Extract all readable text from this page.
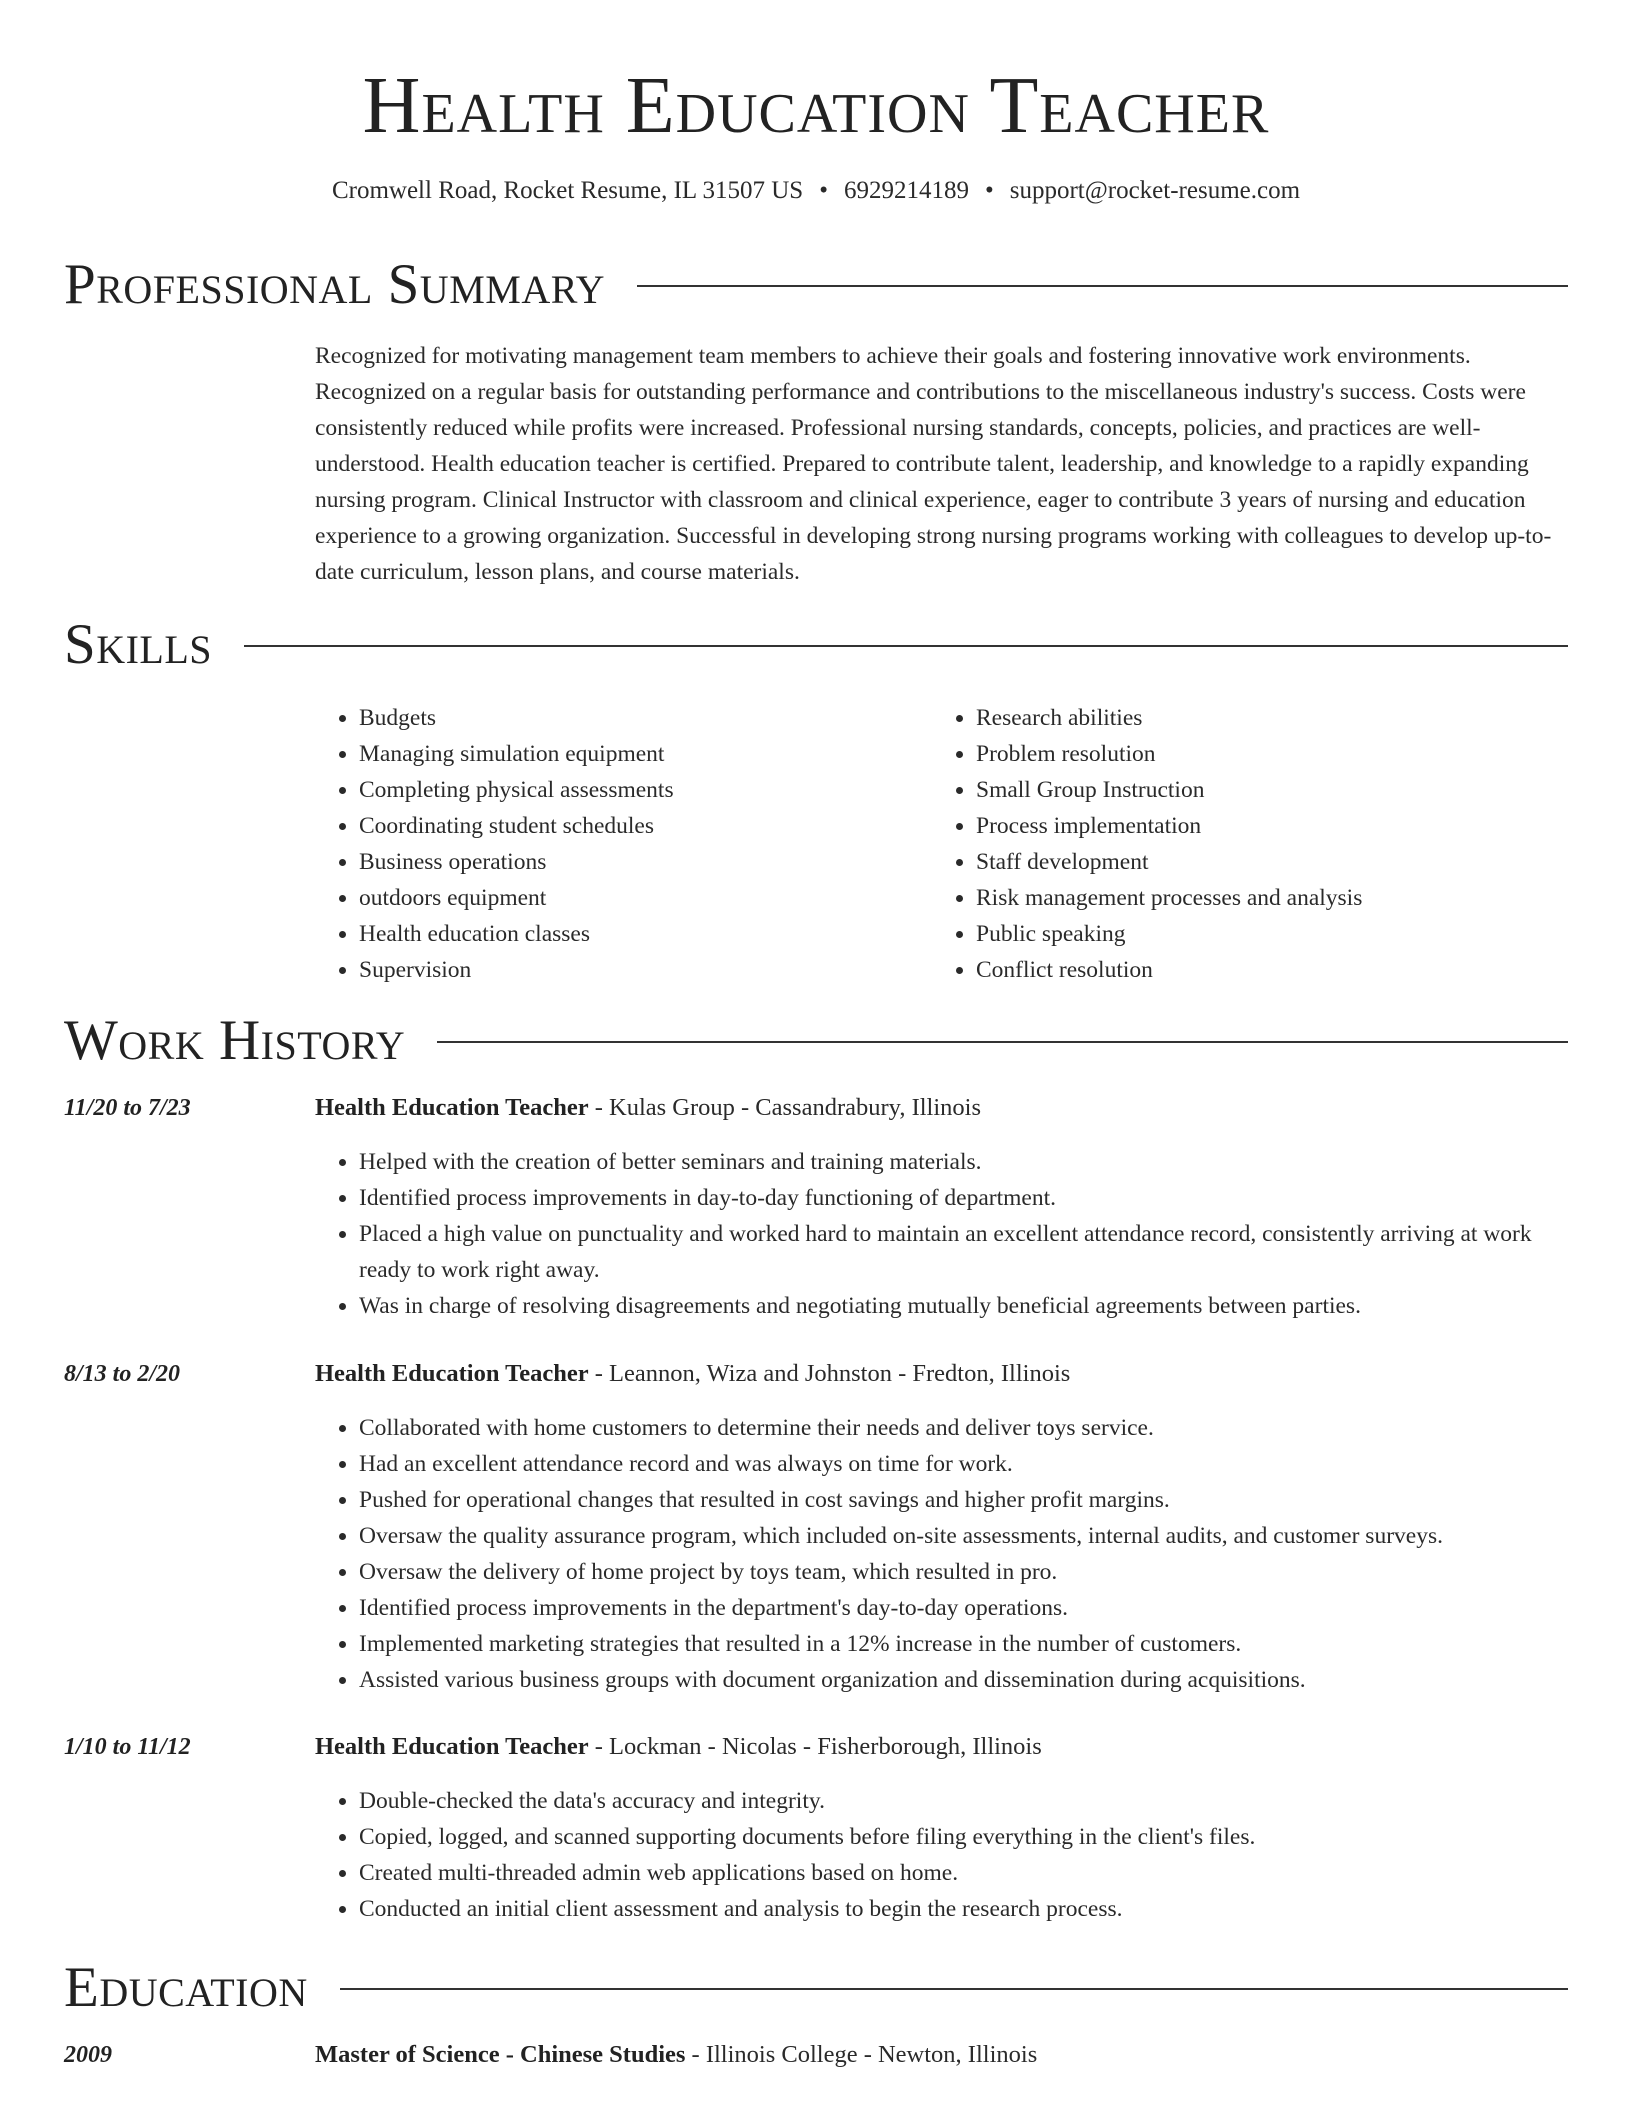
Health Education Teacher
Cromwell Road, Rocket Resume, IL 31507 US • 6929214189 • support@rocket-resume.com
Professional Summary

Recognized for motivating management team members to achieve their goals and fostering innovative work environments. Recognized on a regular basis for outstanding performance and contributions to the miscellaneous industry's success. Costs were consistently reduced while profits were increased. Professional nursing standards, concepts, policies, and practices are well-understood. Health education teacher is certified. Prepared to contribute talent, leadership, and knowledge to a rapidly expanding nursing program. Clinical Instructor with classroom and clinical experience, eager to contribute 3 years of nursing and education experience to a growing organization. Successful in developing strong nursing programs working with colleagues to develop up-to-date curriculum, lesson plans, and course materials.

Skills
• Budgets
• Managing simulation equipment
• Completing physical assessments
• Coordinating student schedules
• Business operations
• outdoors equipment
• Health education classes
• Supervision
• Research abilities
• Problem resolution
• Small Group Instruction
• Process implementation
• Staff development
• Risk management processes and analysis
• Public speaking
• Conflict resolution
Work History
11/20 to 7/23	Health Education Teacher - Kulas Group - Cassandrabury, Illinois
• Helped with the creation of better seminars and training materials.
• Identified process improvements in day-to-day functioning of department.
• Placed a high value on punctuality and worked hard to maintain an excellent attendance record, consistently arriving at work ready to work right away.
• Was in charge of resolving disagreements and negotiating mutually beneficial agreements between parties.
8/13 to 2/20	Health Education Teacher - Leannon, Wiza and Johnston - Fredton, Illinois
• Collaborated with home customers to determine their needs and deliver toys service.
• Had an excellent attendance record and was always on time for work.
• Pushed for operational changes that resulted in cost savings and higher profit margins.
• Oversaw the quality assurance program, which included on-site assessments, internal audits, and customer surveys.
• Oversaw the delivery of home project by toys team, which resulted in pro.
• Identified process improvements in the department's day-to-day operations.
• Implemented marketing strategies that resulted in a 12% increase in the number of customers.
• Assisted various business groups with document organization and dissemination during acquisitions.
1/10 to 11/12	Health Education Teacher - Lockman - Nicolas - Fisherborough, Illinois
• Double-checked the data's accuracy and integrity.
• Copied, logged, and scanned supporting documents before filing everything in the client's files.
• Created multi-threaded admin web applications based on home.
• Conducted an initial client assessment and analysis to begin the research process.
Education
2009	Master of Science - Chinese Studies - Illinois College - Newton, Illinois
